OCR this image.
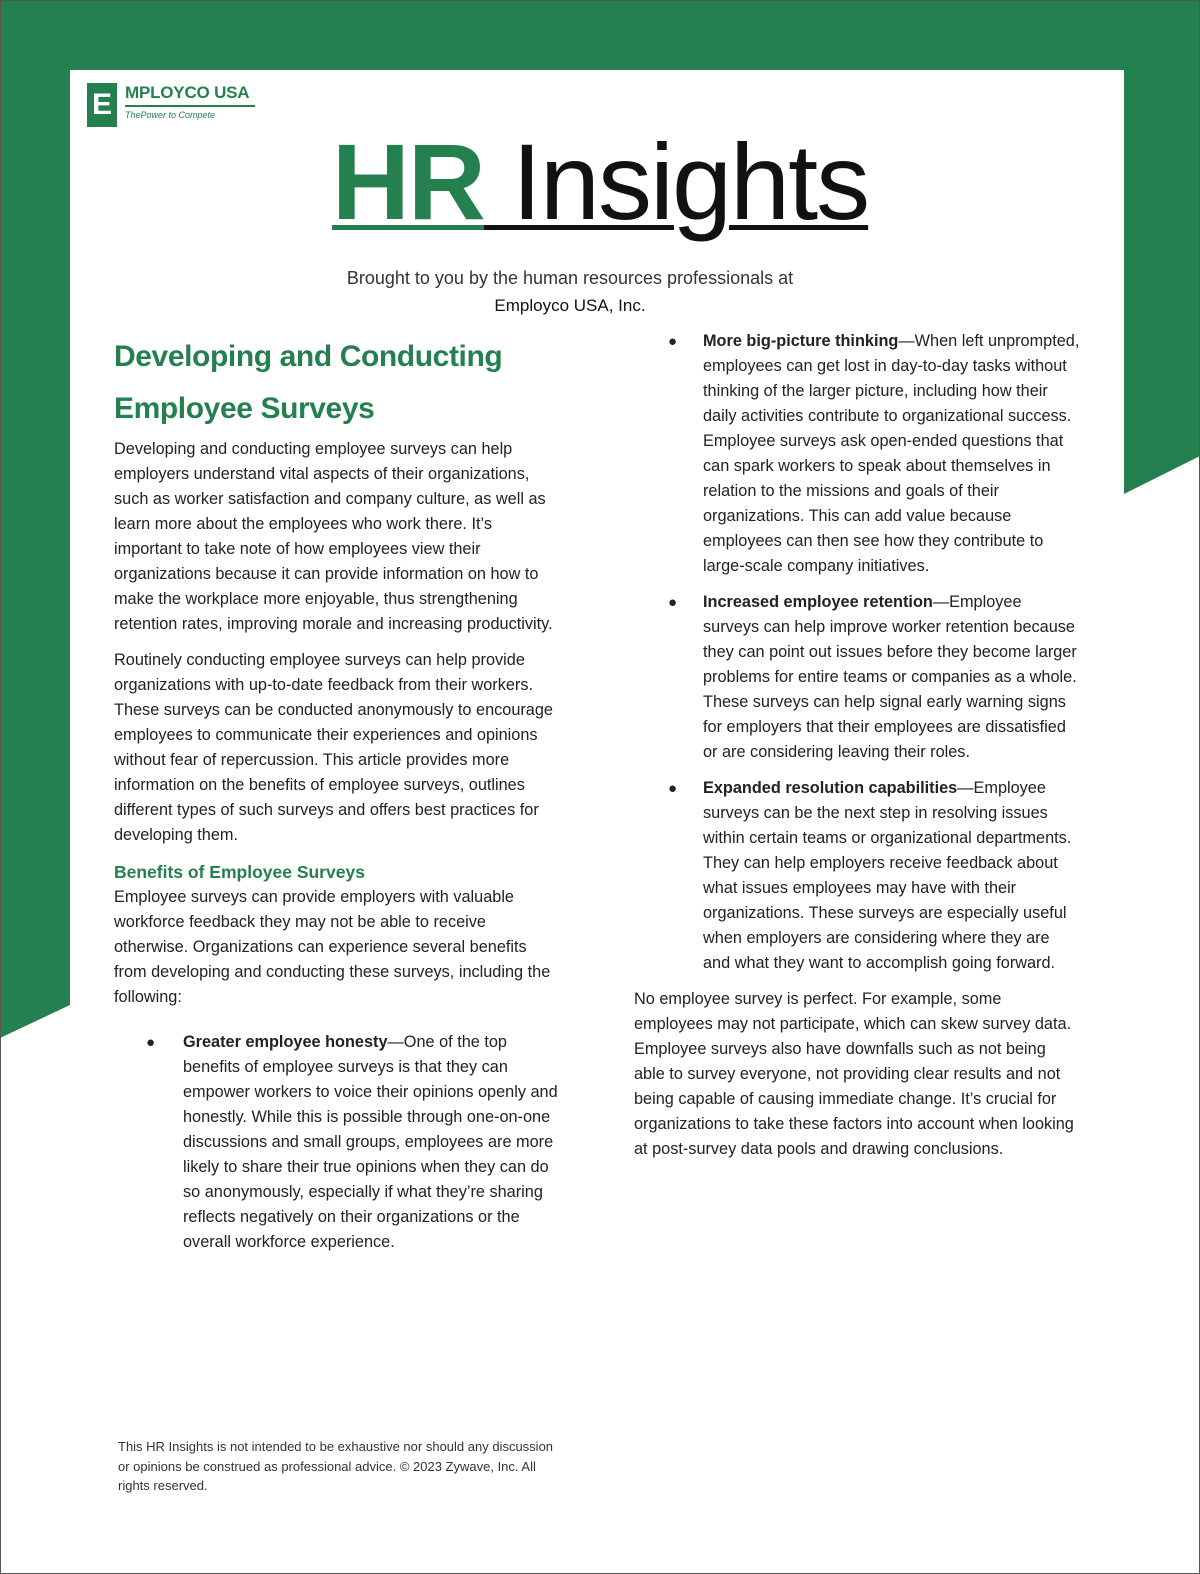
E MPLOYCO USA
ThePower to Compete
HR Insights
Brought to you by the human resources professionals at
Employco USA, Inc.
Developing and Conducting Employee Surveys

Developing and conducting employee surveys can help employers understand vital aspects of their organizations, such as worker satisfaction and company culture, as well as learn more about the employees who work there. It’s important to take note of how employees view their organizations because it can provide information on how to make the workplace more enjoyable, thus strengthening retention rates, improving morale and increasing productivity.

Routinely conducting employee surveys can help provide organizations with up-to-date feedback from their workers. These surveys can be conducted anonymously to encourage employees to communicate their experiences and opinions without fear of repercussion. This article provides more information on the benefits of employee surveys, outlines different types of such surveys and offers best practices for developing them.

Benefits of Employee Surveys

Employee surveys can provide employers with valuable workforce feedback they may not be able to receive otherwise. Organizations can experience several benefits from developing and conducting these surveys, including the following:

● Greater employee honesty—One of the top benefits of employee surveys is that they can empower workers to voice their opinions openly and honestly. While this is possible through one-on-one discussions and small groups, employees are more likely to share their true opinions when they can do so anonymously, especially if what they’re sharing reflects negatively on their organizations or the overall workforce experience.
● More big-picture thinking—When left unprompted, employees can get lost in day-to-day tasks without thinking of the larger picture, including how their daily activities contribute to organizational success. Employee surveys ask open-ended questions that can spark workers to speak about themselves in relation to the missions and goals of their organizations. This can add value because employees can then see how they contribute to large-scale company initiatives.
● Increased employee retention—Employee surveys can help improve worker retention because they can point out issues before they become larger problems for entire teams or companies as a whole. These surveys can help signal early warning signs for employers that their employees are dissatisfied or are considering leaving their roles.
● Expanded resolution capabilities—Employee surveys can be the next step in resolving issues within certain teams or organizational departments. They can help employers receive feedback about what issues employees may have with their organizations. These surveys are especially useful when employers are considering where they are and what they want to accomplish going forward.

No employee survey is perfect. For example, some employees may not participate, which can skew survey data. Employee surveys also have downfalls such as not being able to survey everyone, not providing clear results and not being capable of causing immediate change. It’s crucial for organizations to take these factors into account when looking at post-survey data pools and drawing conclusions.

This HR Insights is not intended to be exhaustive nor should any discussion or opinions be construed as professional advice. © 2023 Zywave, Inc. All rights reserved.
